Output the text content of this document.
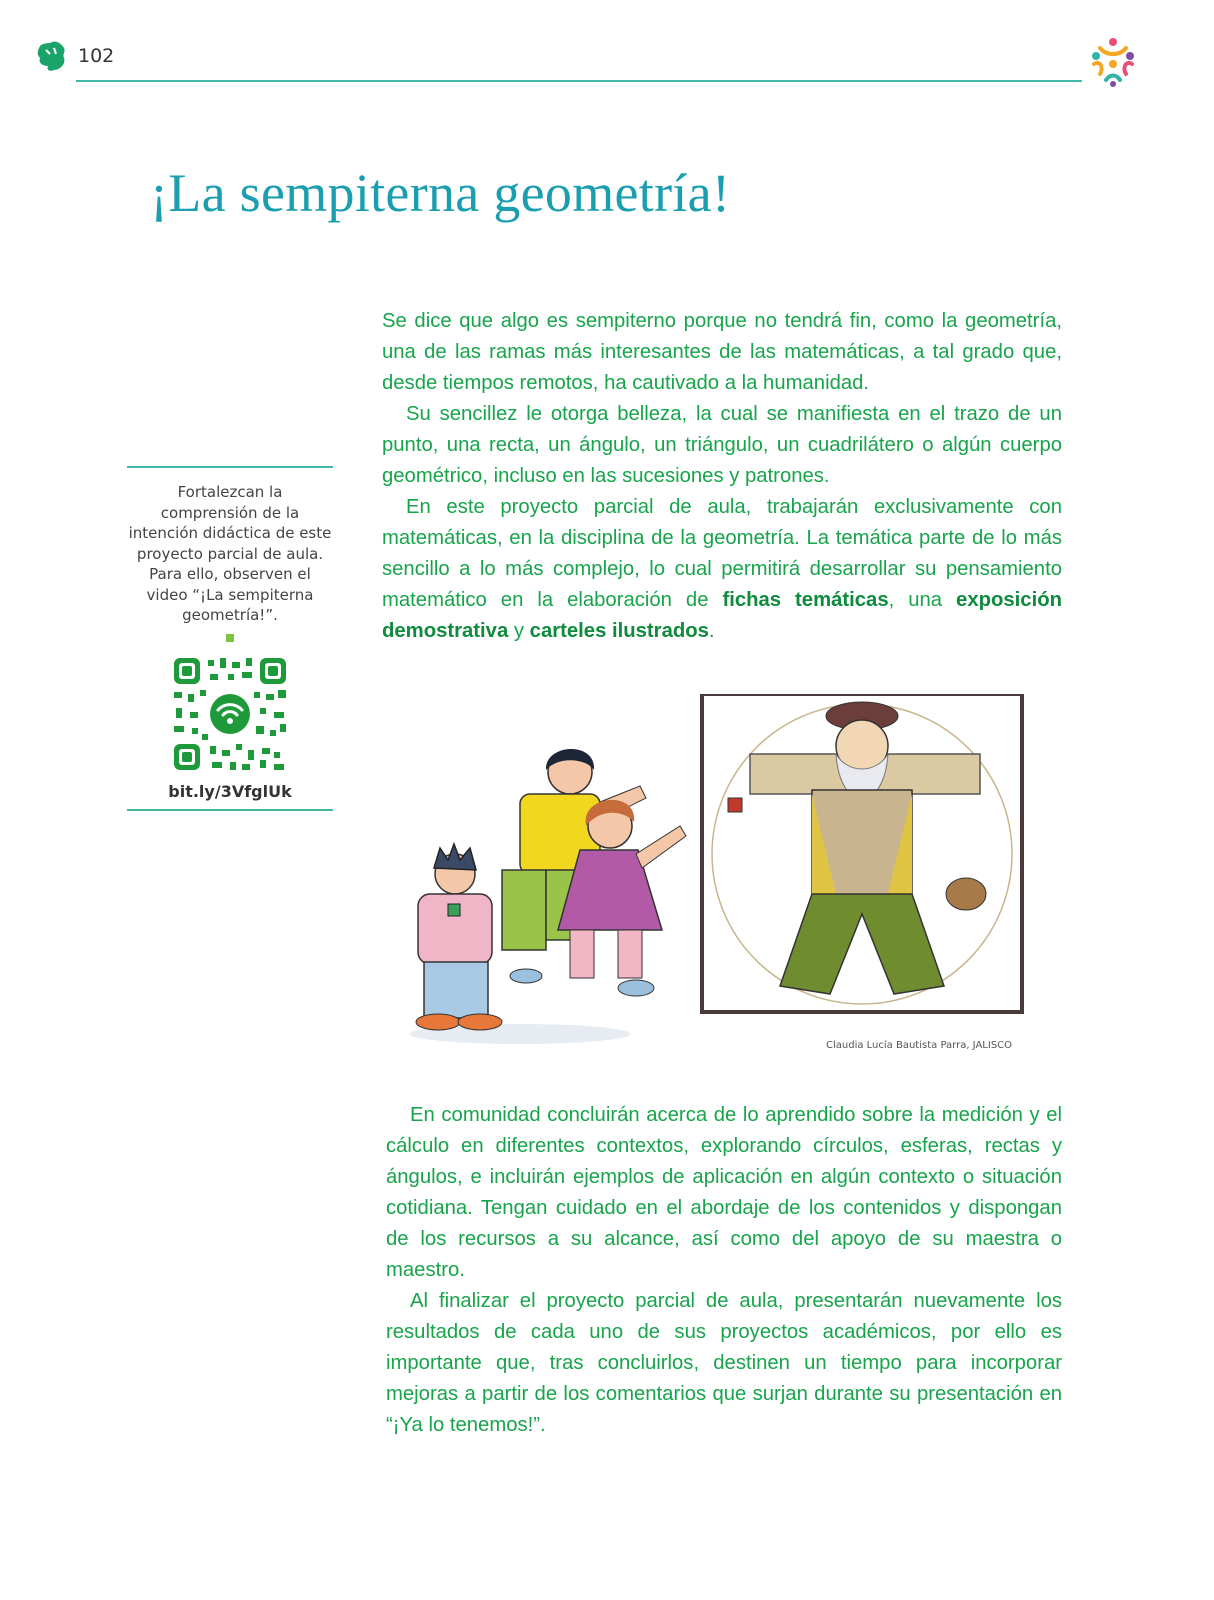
102
¡La sempiterna geometría!

Se dice que algo es sempiterno porque no tendrá fin, como la geometría, una de las ramas más interesantes de las matemáticas, a tal grado que, desde tiempos remotos, ha cautivado a la humanidad.

Su sencillez le otorga belleza, la cual se manifiesta en el trazo de un punto, una recta, un ángulo, un triángulo, un cuadrilátero o algún cuerpo geométrico, incluso en las sucesiones y patrones.

En este proyecto parcial de aula, trabajarán exclusivamente con matemáticas, en la disciplina de la geometría. La temática parte de lo más sencillo a lo más complejo, lo cual permitirá desarrollar su pensamiento matemático en la elaboración de fichas temáticas, una exposición demostrativa y carteles ilustrados.

Fortalezcan la comprensión de la intención didáctica de este proyecto parcial de aula. Para ello, observen el video “¡La sempiterna geometría!”.

bit.ly/3VfglUk

Claudia Lucía Bautista Parra, JALISCO

En comunidad concluirán acerca de lo aprendido sobre la medición y el cálculo en diferentes contextos, explorando círculos, esferas, rectas y ángulos, e incluirán ejemplos de aplicación en algún contexto o situación cotidiana. Tengan cuidado en el abordaje de los contenidos y dispongan de los recursos a su alcance, así como del apoyo de su maestra o maestro.

Al finalizar el proyecto parcial de aula, presentarán nuevamente los resultados de cada uno de sus proyectos académicos, por ello es importante que, tras concluirlos, destinen un tiempo para incorporar mejoras a partir de los comentarios que surjan durante su presentación en “¡Ya lo tenemos!”.
